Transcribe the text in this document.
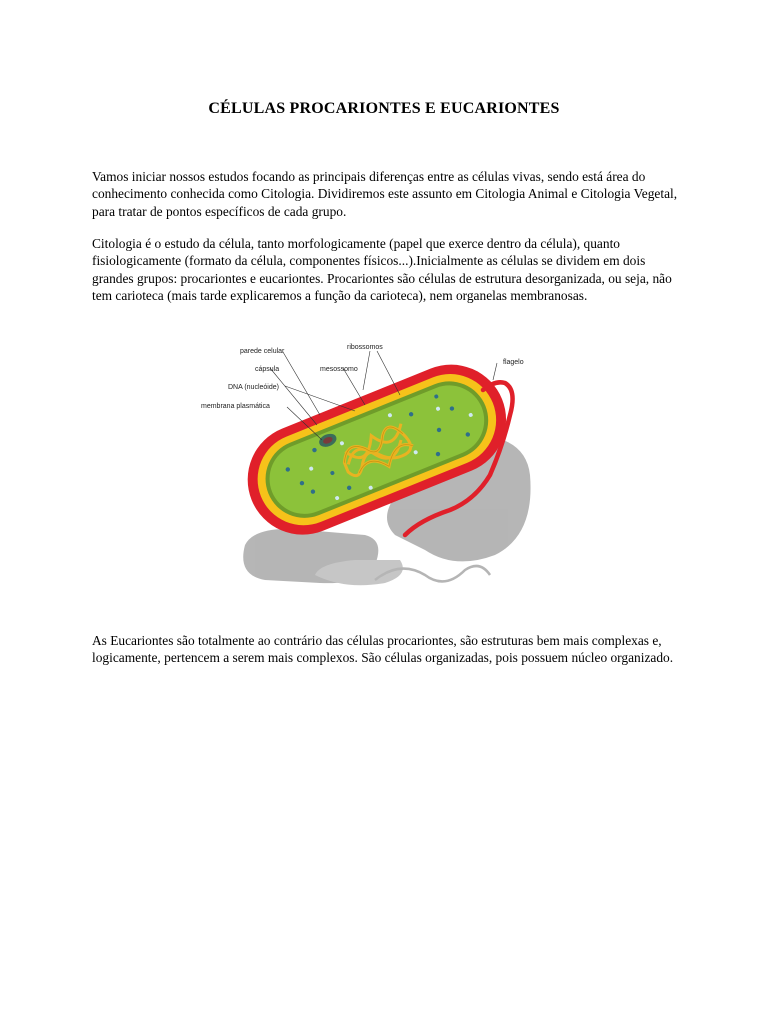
CÉLULAS PROCARIONTES E EUCARIONTES

Vamos iniciar nossos estudos focando as principais diferenças entre as células vivas, sendo está área do conhecimento conhecida como Citologia. Dividiremos este assunto em Citologia Animal e Citologia Vegetal, para tratar de pontos específicos de cada grupo.

Citologia é o estudo da célula, tanto morfologicamente (papel que exerce dentro da célula), quanto fisiologicamente (formato da célula, componentes físicos...).Inicialmente as células se dividem em dois grandes grupos: procariontes e eucariontes. Procariontes são células de estrutura desorganizada, ou seja, não tem carioteca (mais tarde explicaremos a função da carioteca), nem organelas membranosas.

parede celular
cápsula
DNA (nucleóide)
membrana plasmática
mesossomo
ribossomos
flagelo

As Eucariontes são totalmente ao contrário das células procariontes, são estruturas bem mais complexas e, logicamente, pertencem a serem mais complexos. São células organizadas, pois possuem núcleo organizado.
